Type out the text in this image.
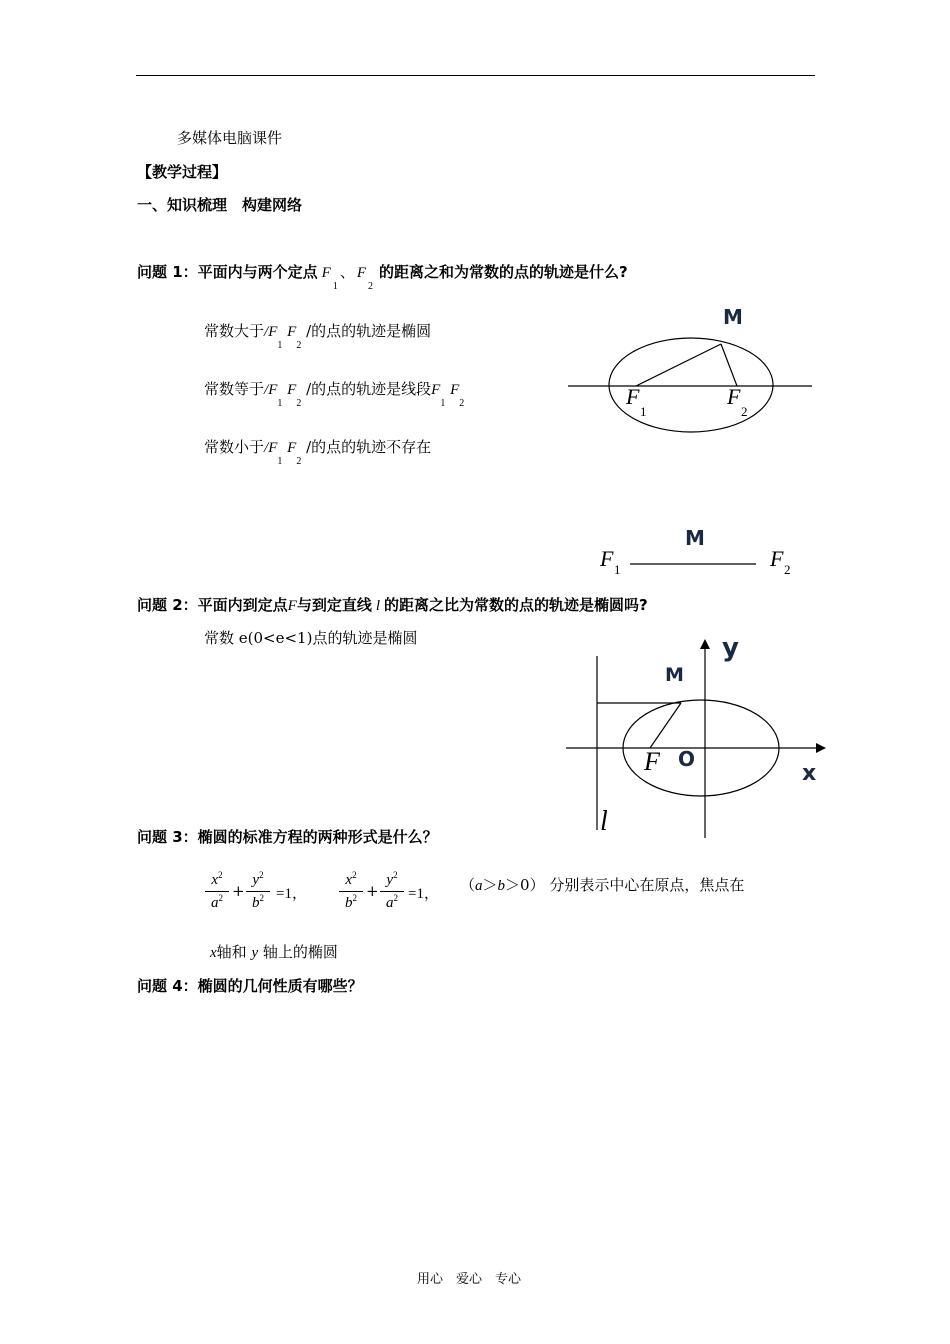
多媒体电脑课件
【教学过程】
一、知识梳理　构建网络
问题 1：平面内与两个定点 $F_1$、 $F_2$的距离之和为常数的点的轨迹是什么?
常数大于$/F_1$ $F_2$ /的点的轨迹是椭圆
常数等于$/F_1$ $F_2$ /的点的轨迹是线段$F_1$ $F_2$
常数小于$/F_1$ $F_2$ /的点的轨迹不存在
M
F
1
F
2
F 1
M
F 2
问题 2：平面内到定点F与到定直线 l 的距离之比为常数的点的轨迹是椭圆吗?
常数 e(0<e<1)点的轨迹是椭圆	y
M
F O
x
l
问题 3：椭圆的标准方程的两种形式是什么？
$x^2$
$a^2$ +
$y^2$
$b^2 =1$，
$x^2$
$b^2$ +
$y^2$
$a^2 =1$， （a＞b＞0） 分别表示中心在原点，焦点在
x轴和 y 轴上的椭圆
问题 4：椭圆的几何性质有哪些？
用心　爱心　专心
